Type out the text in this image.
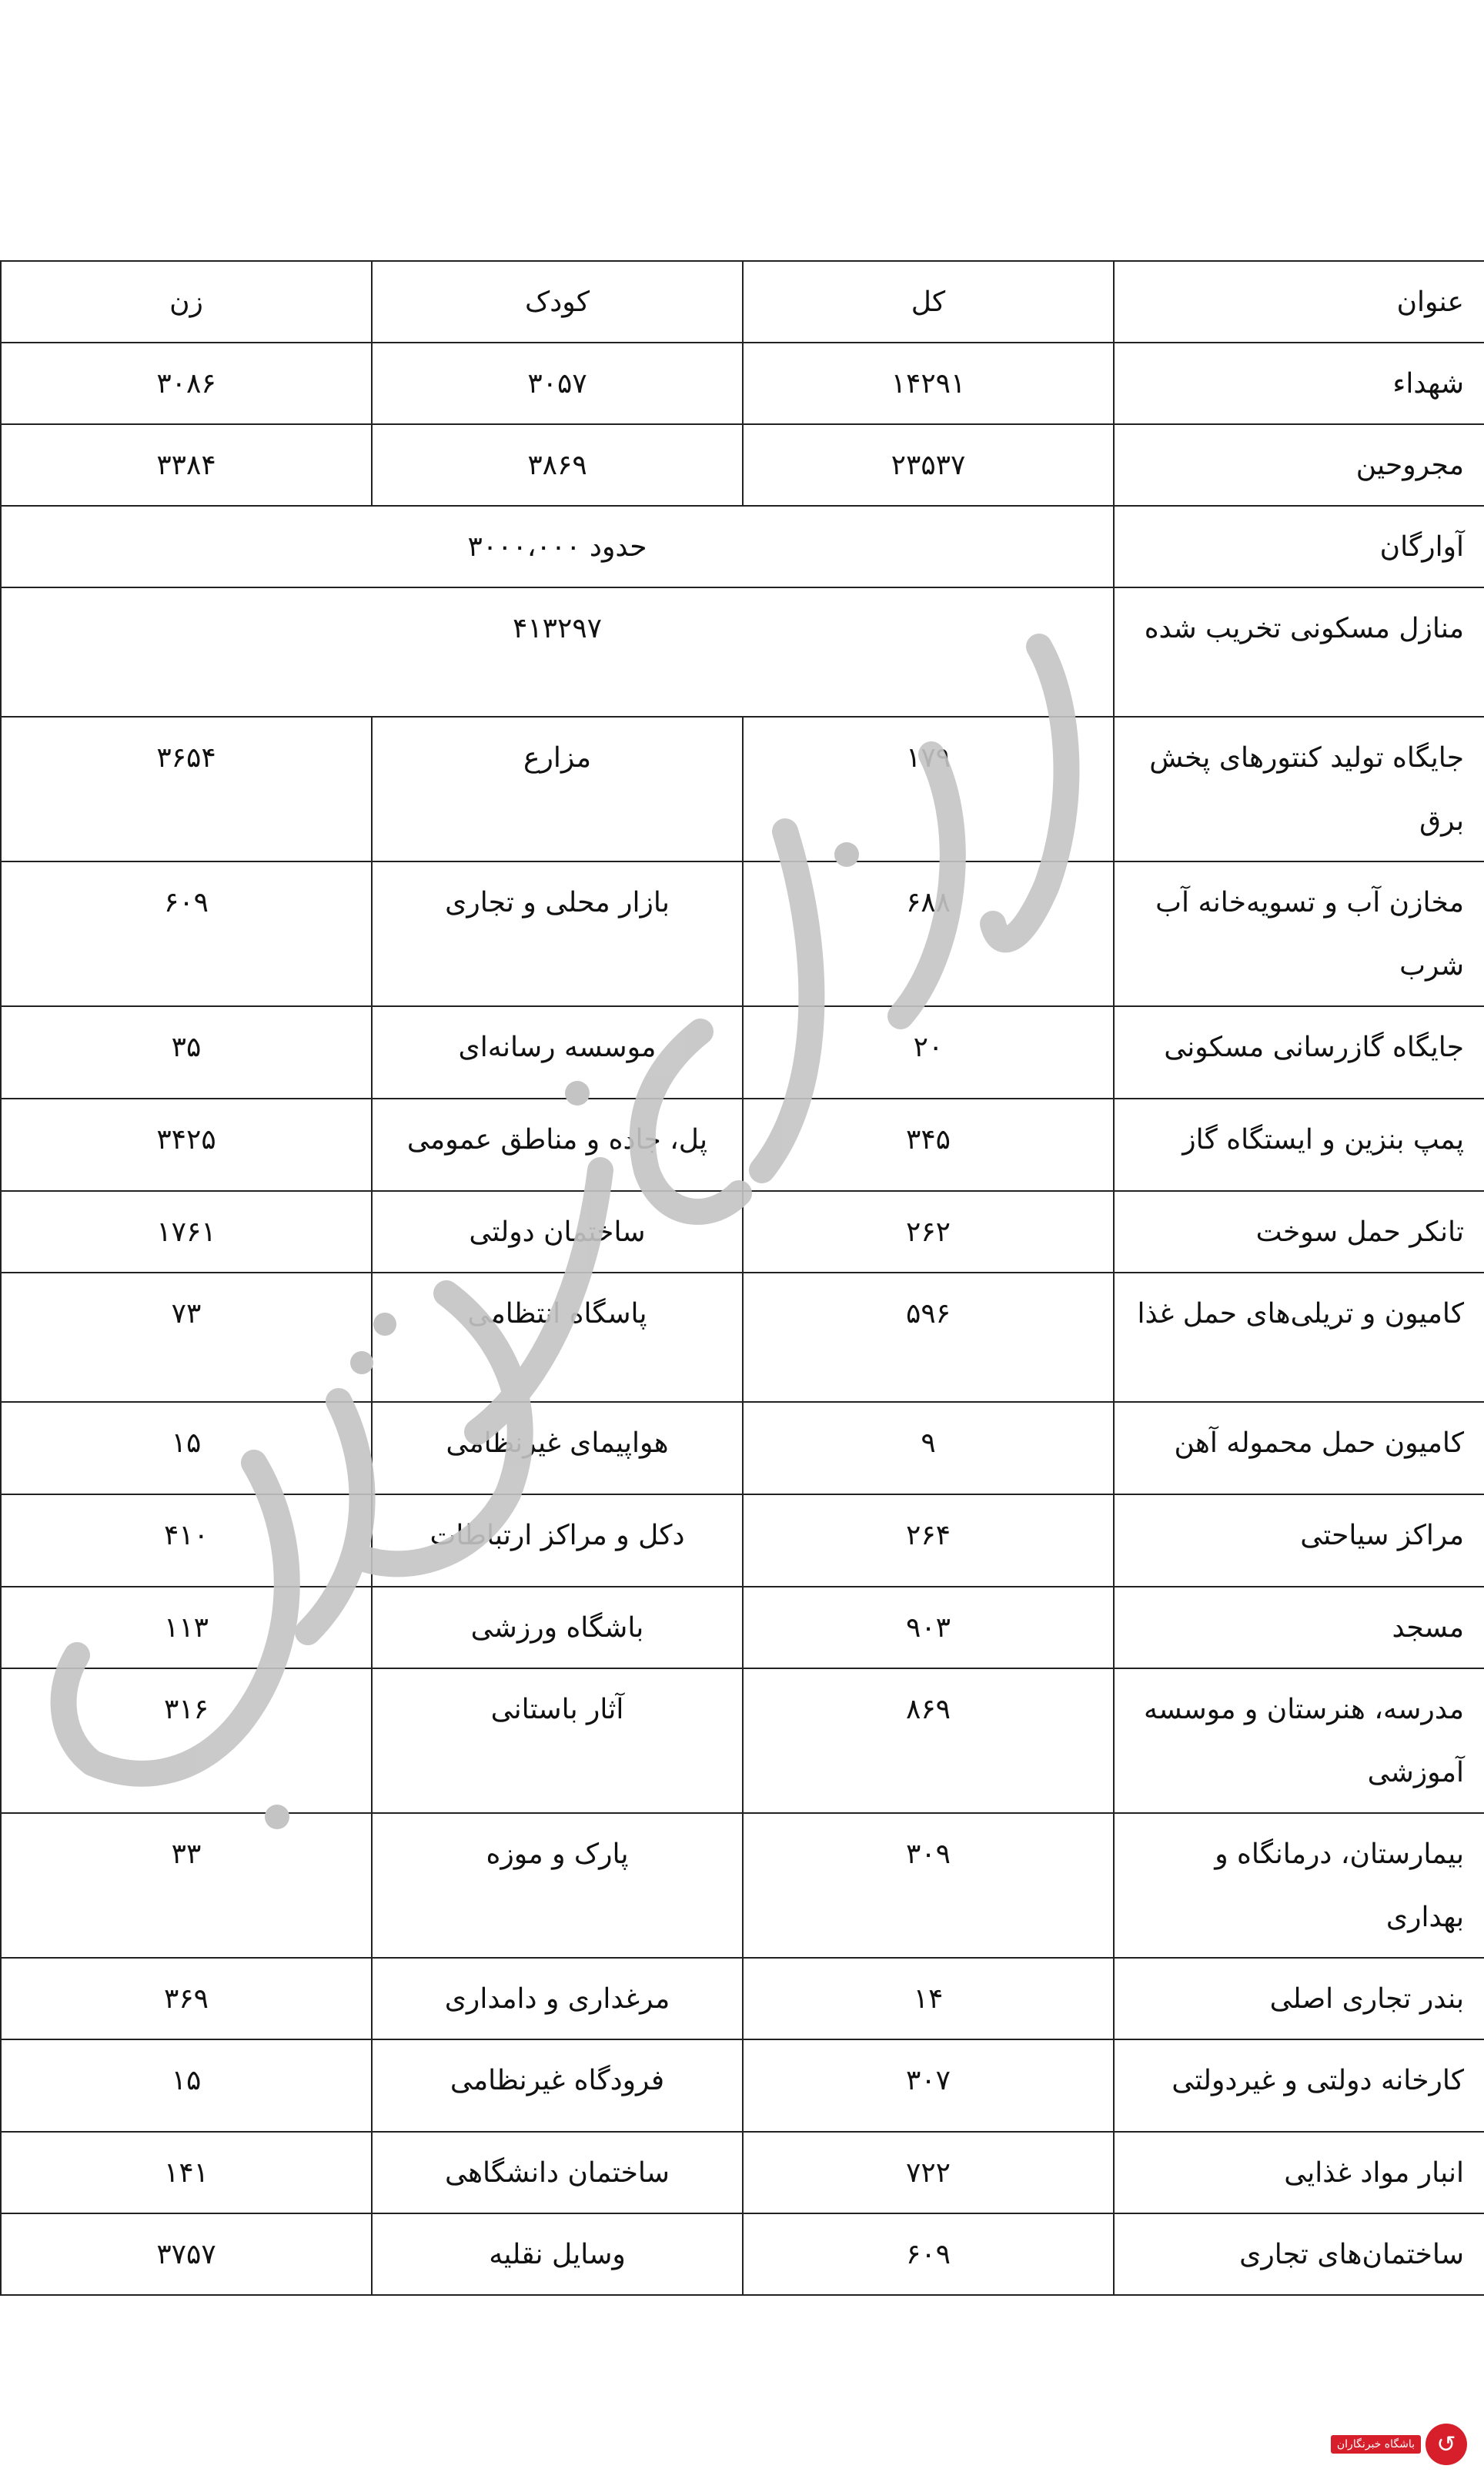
عنوان	کل	کودک	زن
شهداء	۱۴۲۹۱	۳۰۵۷	۳۰۸۶
مجروحین	۲۳۵۳۷	۳۸۶۹	۳۳۸۴
آوارگان	حدود ۳۰۰۰،۰۰۰		
منازل مسکونی تخریب شده	۴۱۳۲۹۷		
جایگاه تولید کنتورهای پخش برق	۱۷۹	مزارع	۳۶۵۴
مخازن آب و تسویه‌خانه آب شرب	۶۸۸	بازار محلی و تجاری	۶۰۹
جایگاه گازرسانی مسکونی	۲۰	موسسه رسانه‌ای	۳۵
پمپ بنزین و ایستگاه گاز	۳۴۵	پل، جاده و مناطق عمومی	۳۴۲۵
تانکر حمل سوخت	۲۶۲	ساختمان دولتی	۱۷۶۱
کامیون و تریلی‌های حمل غذا	۵۹۶	پاسگاه انتظامی	۷۳
کامیون حمل محموله آهن	۹	هواپیمای غیرنظامی	۱۵
مراکز سیاحتی	۲۶۴	دکل و مراکز ارتباطات	۴۱۰
مسجد	۹۰۳	باشگاه ورزشی	۱۱۳
مدرسه، هنرستان و موسسه آموزشی	۸۶۹	آثار باستانی	۳۱۶
بیمارستان، درمانگاه و بهداری	۳۰۹	پارک و موزه	۳۳
بندر تجاری اصلی	۱۴	مرغداری و دامداری	۳۶۹
کارخانه دولتی و غیردولتی	۳۰۷	فرودگاه غیرنظامی	۱۵
انبار مواد غذایی	۷۲۲	ساختمان دانشگاهی	۱۴۱
ساختمان‌های تجاری	۶۰۹	وسایل نقلیه	۳۷۵۷
باشگاه خبرنگاران ↺
